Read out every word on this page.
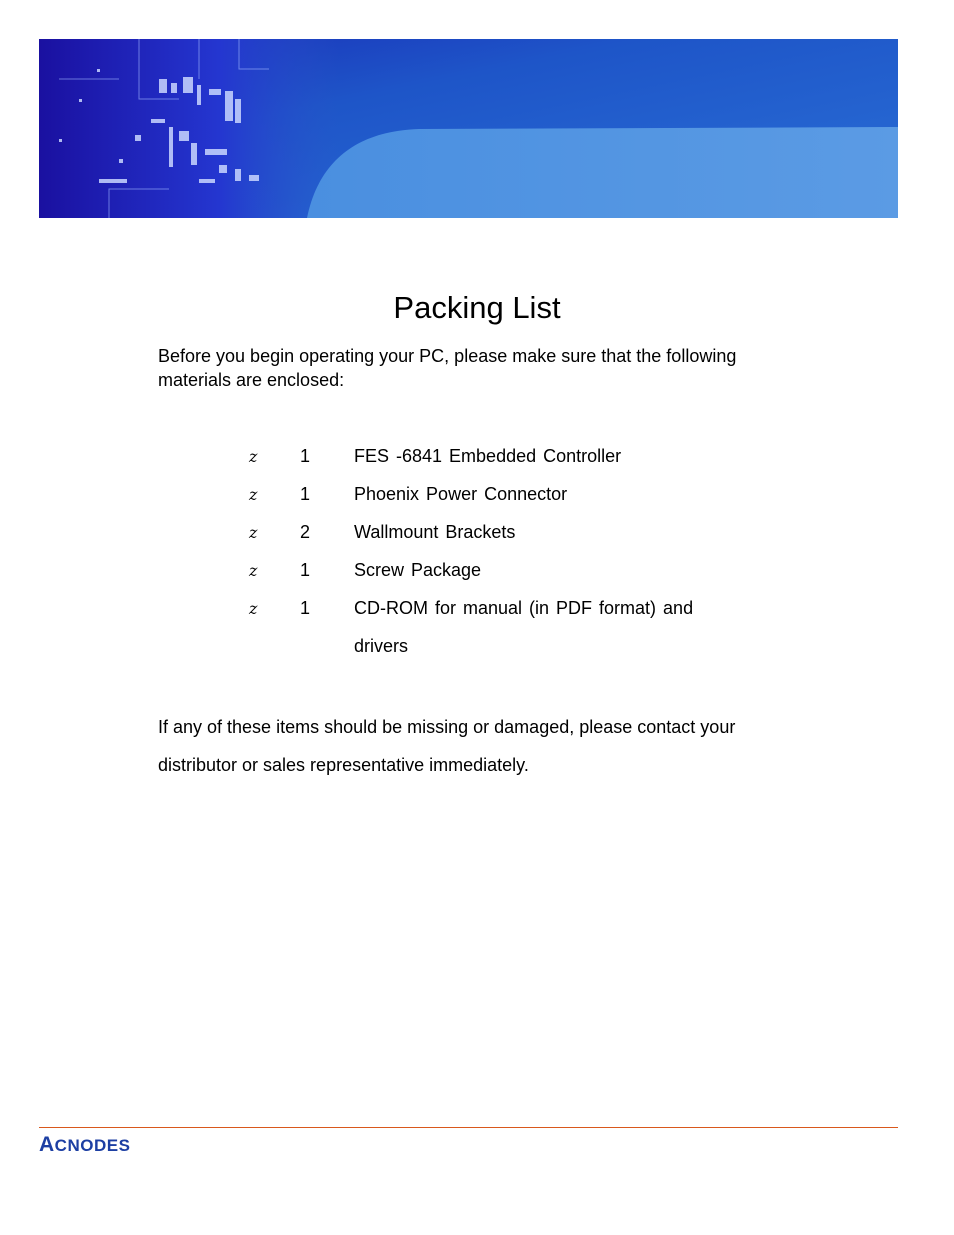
Packing List
Before you begin operating your PC, please make sure that the following materials are enclosed:
z 1 FES -6841 Embedded Controller
z 1 Phoenix Power Connector
z 2 Wallmount Brackets
z 1 Screw Package
z 1 CD-ROM for manual (in PDF format) and drivers
If any of these items should be missing or damaged, please contact your distributor or sales representative immediately.
ACNODES
